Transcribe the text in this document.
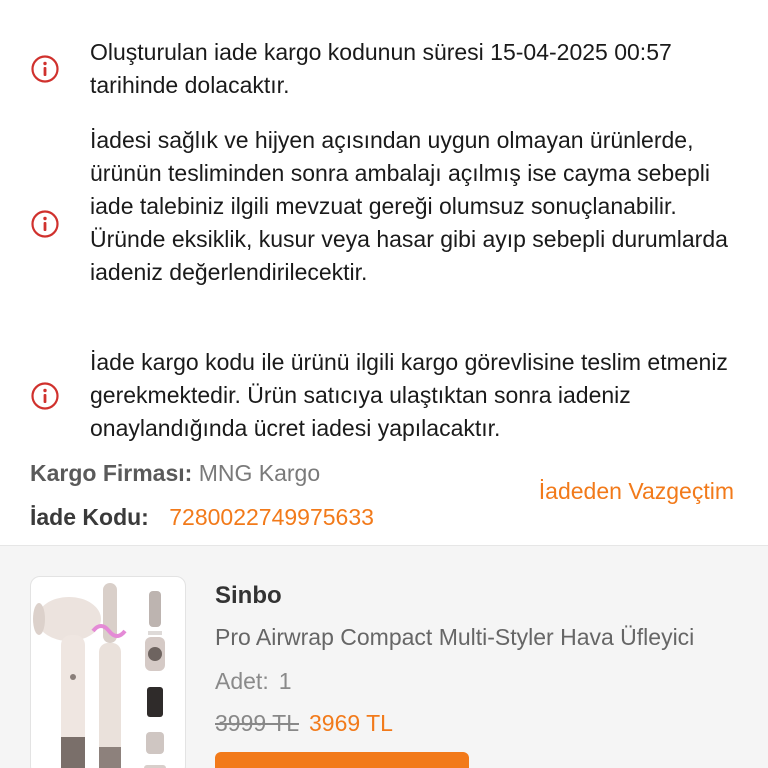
Oluşturulan iade kargo kodunun süresi 15-04-2025 00:57 tarihinde dolacaktır.
İadesi sağlık ve hijyen açısından uygun olmayan ürünlerde, ürünün tesliminden sonra ambalajı açılmış ise cayma sebepli iade talebiniz ilgili mevzuat gereği olumsuz sonuçlanabilir. Üründe eksiklik, kusur veya hasar gibi ayıp sebepli durumlarda iadeniz değerlendirilecektir.
İade kargo kodu ile ürünü ilgili kargo görevlisine teslim etmeniz gerekmektedir. Ürün satıcıya ulaştıktan sonra iadeniz onaylandığında ücret iadesi yapılacaktır.
Kargo Firması: MNG Kargo
İade Kodu: 7280022749975633
İadeden Vazgeçtim
Sinbo
Pro Airwrap Compact Multi-Styler Hava Üfleyici
Adet: 1
3999 TL 3969 TL
